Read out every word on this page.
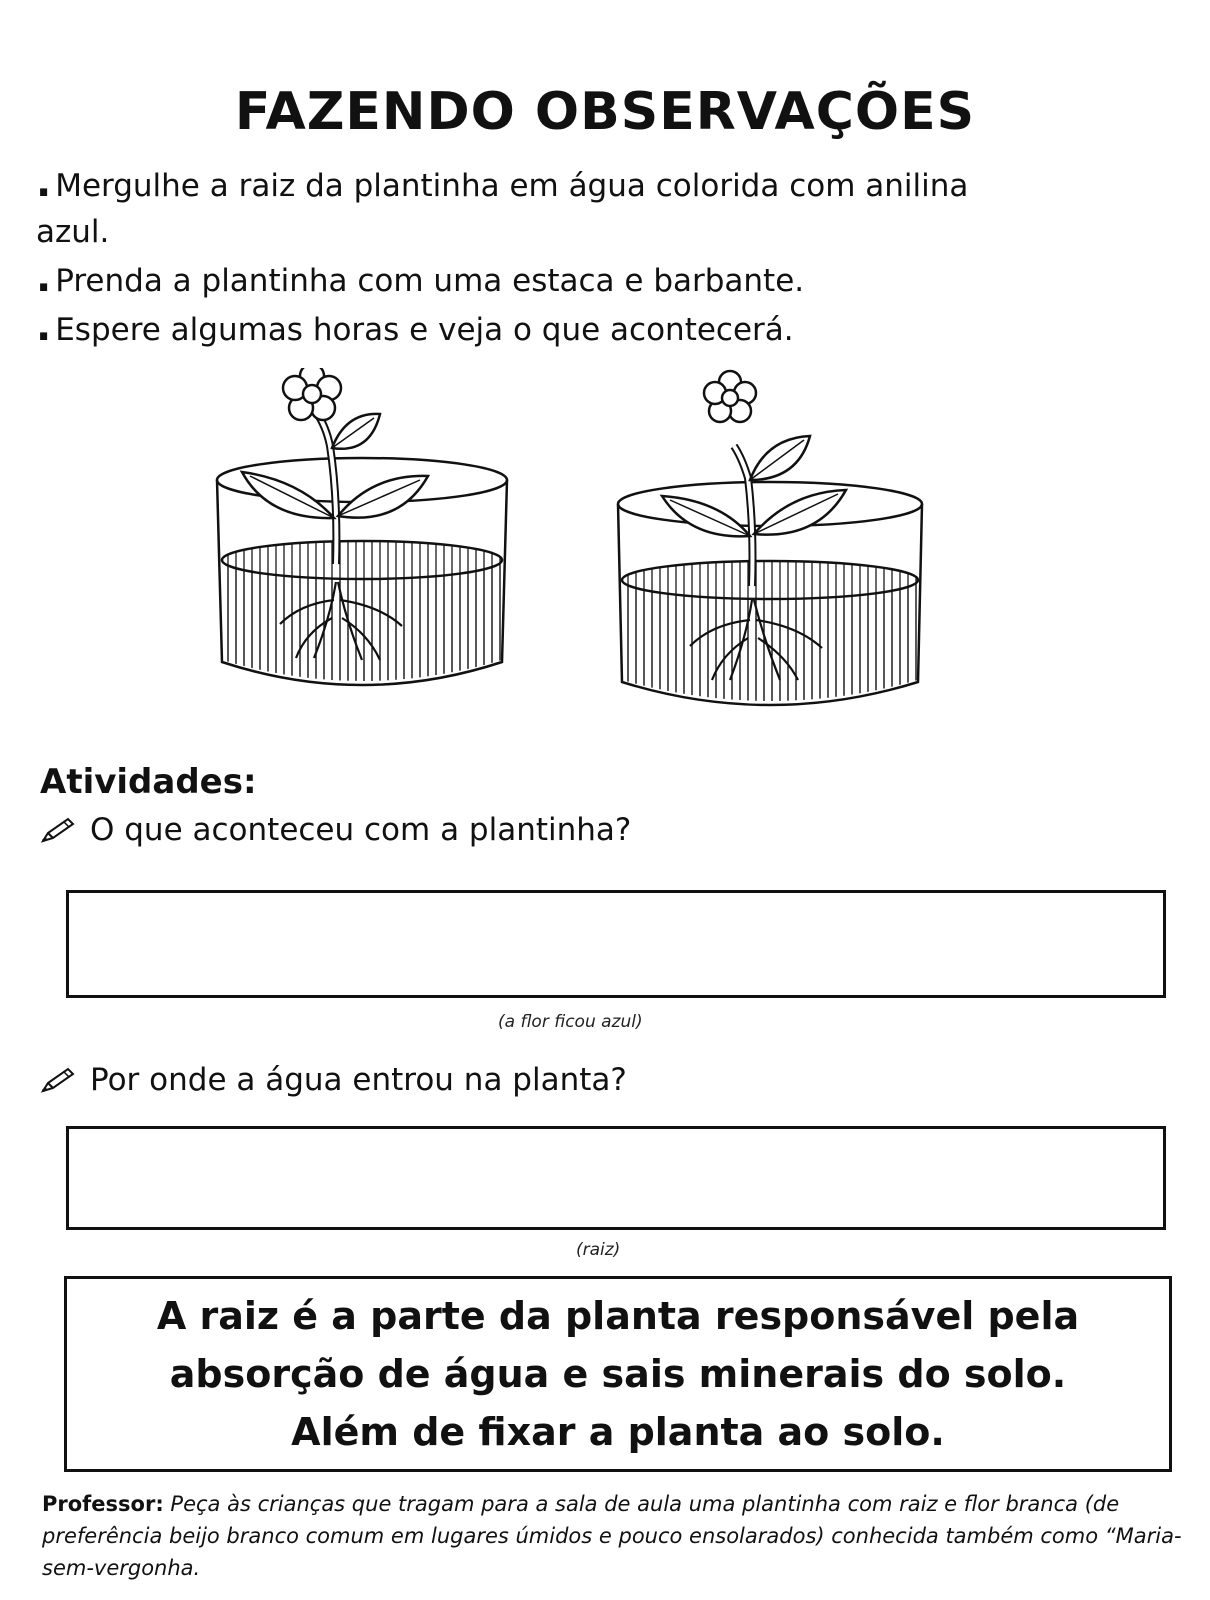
FAZENDO OBSERVAÇÕES
. Mergulhe a raiz da plantinha em água colorida com anilina
azul.
. Prenda a plantinha com uma estaca e barbante.
. Espere algumas horas e veja o que acontecerá.
Atividades:
O que aconteceu com a plantinha?
(a flor ficou azul)
Por onde a água entrou na planta?
(raiz)
A raiz é a parte da planta responsável pela
absorção de água e sais minerais do solo.
Além de fixar a planta ao solo.
Professor: Peça às crianças que tragam para a sala de aula uma plantinha com raiz e flor branca (de preferência beijo branco comum em lugares úmidos e pouco ensolarados) conhecida também como “Maria-sem-vergonha.
